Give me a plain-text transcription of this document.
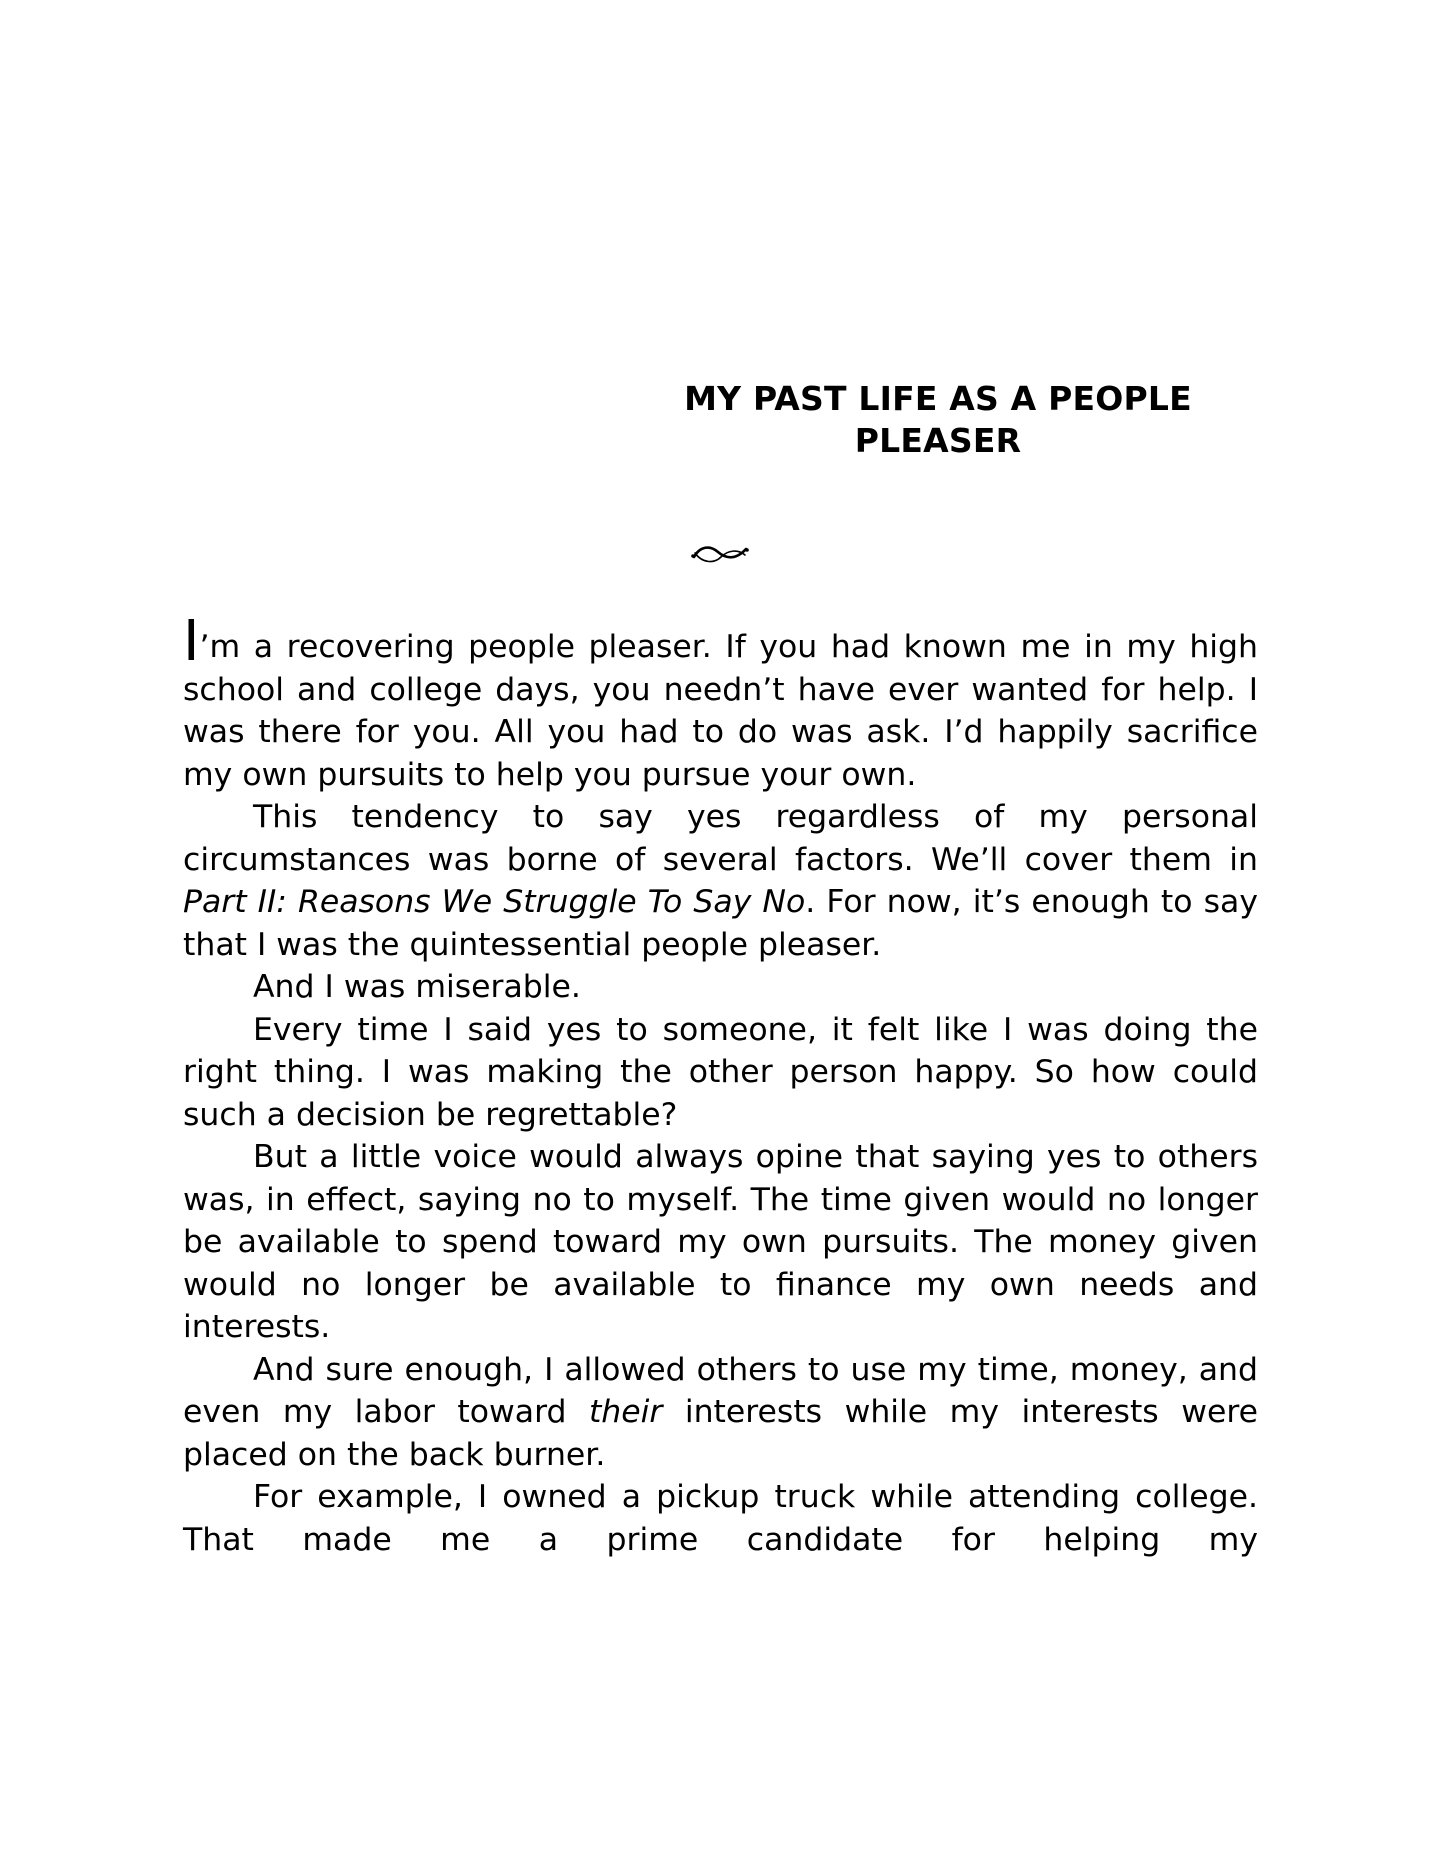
MY PAST LIFE AS A PEOPLE
PLEASER

I’m a recovering people pleaser. If you had known me in my high school and college days, you needn’t have ever wanted for help. I was there for you. All you had to do was ask. I’d happily sacrifice my own pursuits to help you pursue your own.

This tendency to say yes regardless of my personal circumstances was borne of several factors. We’ll cover them in Part II: Reasons We Struggle To Say No. For now, it’s enough to say that I was the quintessential people pleaser.

And I was miserable.

Every time I said yes to someone, it felt like I was doing the right thing. I was making the other person happy. So how could such a decision be regrettable?

But a little voice would always opine that saying yes to others was, in effect, saying no to myself. The time given would no longer be available to spend toward my own pursuits. The money given would no longer be available to finance my own needs and interests.

And sure enough, I allowed others to use my time, money, and even my labor toward their interests while my interests were placed on the back burner.

For example, I owned a pickup truck while attending college. That made me a prime candidate for helping my
